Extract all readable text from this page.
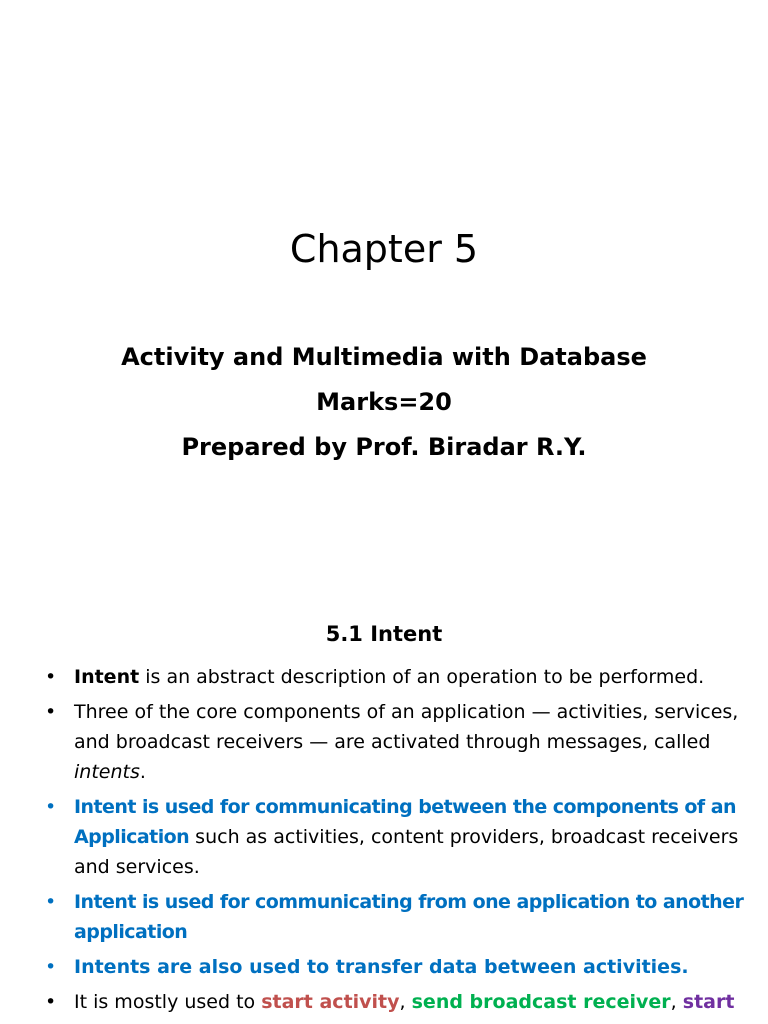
Chapter 5
Activity and Multimedia with Database
Marks=20
Prepared by Prof. Biradar R.Y.
5.1 Intent
• Intent is an abstract description of an operation to be performed.
• Three of the core components of an application — activities, services, and broadcast receivers — are activated through messages, called intents.
• Intent is used for communicating between the components of an Application such as activities, content providers, broadcast receivers and services.
• Intent is used for communicating from one application to another application
• Intents are also used to transfer data between activities.
• It is mostly used to start activity, send broadcast receiver, start
